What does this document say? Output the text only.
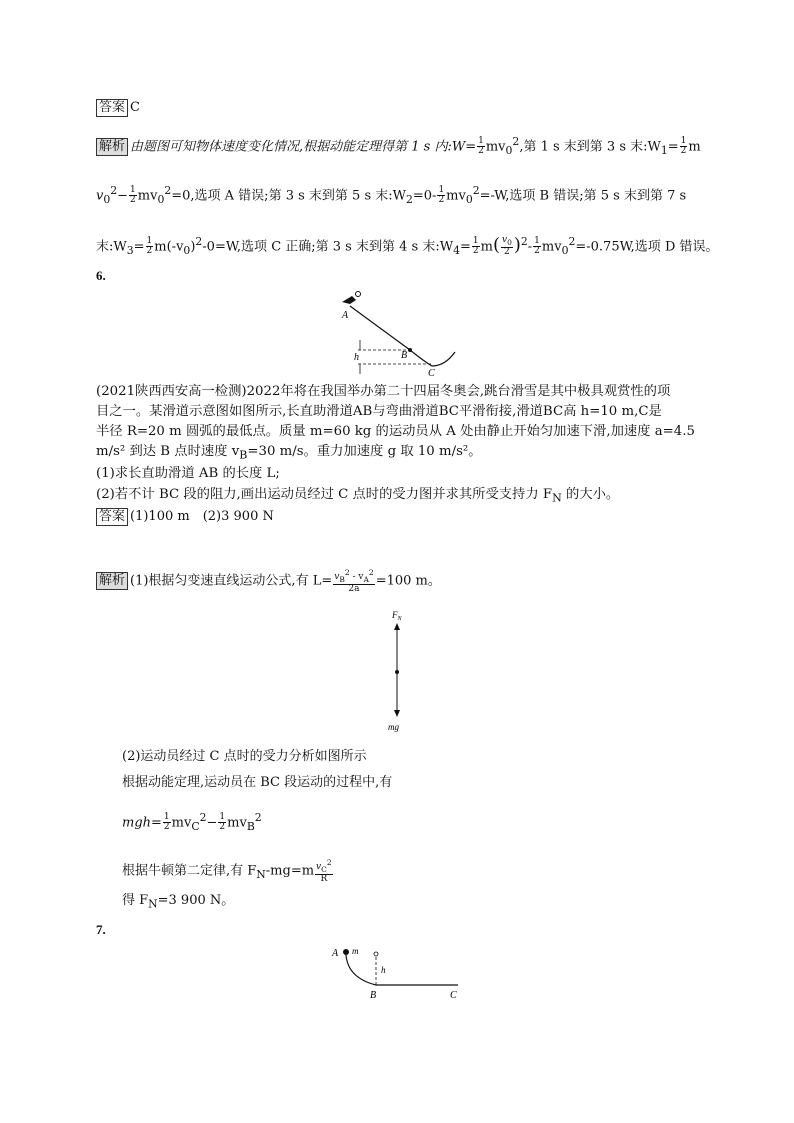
答案 C
解析 由题图可知物体速度变化情况,根据动能定理得第 1 s 内:W= $\frac{1}{2} mv_0^2$,第 1 s 末到第 3 s 末$:W_1= \frac{1}{2}$ m
$v_0^2- \frac{1}{2} mv_0^2=0$,选项 A 错误;第 3 s 末到第 5 s 末$:W_2=0- \frac{1}{2} mv_0^2=-W$,选项 B 错误;第 5 s 末到第 7 s
末$:W_3= \frac{1}{2} m(-v_0)^2-0=W$,选项 C 正确;第 3 s 末到第 4 s 末$:W_4= \frac{1}{2} m( \frac{v_0}{2} )^2- \frac{1}{2} mv_0^2=-0.75W$,选项 D 错误。
6.
A
B
C
h
(2021陕西西安高一检测)2022年将在我国举办第二十四届冬奥会,跳台滑雪是其中极具观赏性的项
目之一。某滑道示意图如图所示,长直助滑道AB与弯曲滑道BC平滑衔接,滑道BC高 h=10 m,C是
半径 R=20 m 圆弧的最低点。质量 m=60 kg 的运动员从 A 处由静止开始匀加速下滑,加速度 a=4.5
m/s² 到达 B 点时速度 $v_B=30$ m/s。重力加速度 g 取 10 m/s²。
(1)求长直助滑道 AB 的长度 L;
(2)若不计 BC 段的阻力,画出运动员经过 C 点时的受力图并求其所受支持力 $F_N$ 的大小。
答案 (1)100 m　(2)3 900 N
解析 (1)根据匀变速直线运动公式,有 $L= \frac{v_B^2 - v_A^2}{2a} =100$ m。
$F_N$
mg
(2)运动员经过 C 点时的受力分析如图所示
根据动能定理,运动员在 BC 段运动的过程中,有
$mgh= \frac{1}{2} mv_C^2- \frac{1}{2} mv_B^2$
根据牛顿第二定律,有 $F_N-mg=m \frac{v_C^2}{R}$
得 $F_N=3$ 900 N。
7.
A m
h
B	C
